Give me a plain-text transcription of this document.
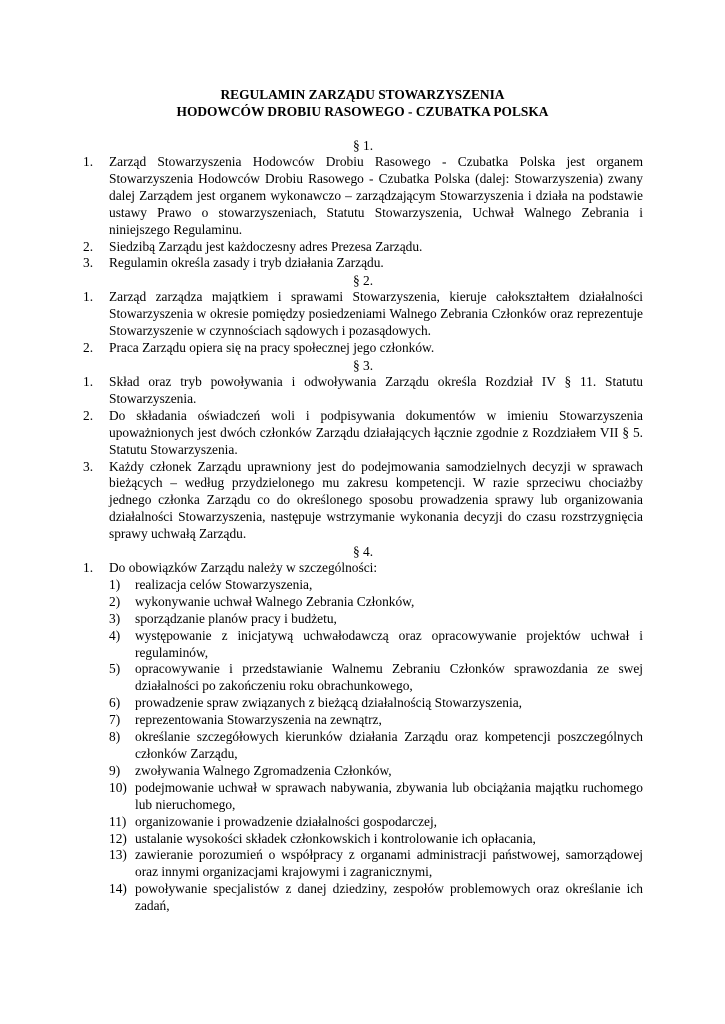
REGULAMIN ZARZĄDU STOWARZYSZENIA
HODOWCÓW DROBIU RASOWEGO - CZUBATKA POLSKA
§ 1.
1. Zarząd Stowarzyszenia Hodowców Drobiu Rasowego - Czubatka Polska jest organem Stowarzyszenia Hodowców Drobiu Rasowego - Czubatka Polska (dalej: Stowarzyszenia) zwany dalej Zarządem jest organem wykonawczo – zarządzającym Stowarzyszenia i działa na podstawie ustawy Prawo o stowarzyszeniach, Statutu Stowarzyszenia, Uchwał Walnego Zebrania i niniejszego Regulaminu.
2. Siedzibą Zarządu jest każdoczesny adres Prezesa Zarządu.
3. Regulamin określa zasady i tryb działania Zarządu.
§ 2.
1. Zarząd zarządza majątkiem i sprawami Stowarzyszenia, kieruje całokształtem działalności Stowarzyszenia w okresie pomiędzy posiedzeniami Walnego Zebrania Członków oraz reprezentuje Stowarzyszenie w czynnościach sądowych i pozasądowych.
2. Praca Zarządu opiera się na pracy społecznej jego członków.
§ 3.
1. Skład oraz tryb powoływania i odwoływania Zarządu określa Rozdział IV § 11. Statutu Stowarzyszenia.
2. Do składania oświadczeń woli i podpisywania dokumentów w imieniu Stowarzyszenia upoważnionych jest dwóch członków Zarządu działających łącznie zgodnie z Rozdziałem VII § 5. Statutu Stowarzyszenia.
3. Każdy członek Zarządu uprawniony jest do podejmowania samodzielnych decyzji w sprawach bieżących – według przydzielonego mu zakresu kompetencji. W razie sprzeciwu chociażby jednego członka Zarządu co do określonego sposobu prowadzenia sprawy lub organizowania działalności Stowarzyszenia, następuje wstrzymanie wykonania decyzji do czasu rozstrzygnięcia sprawy uchwałą Zarządu.
§ 4.
1. Do obowiązków Zarządu należy w szczególności:
1) realizacja celów Stowarzyszenia,
2) wykonywanie uchwał Walnego Zebrania Członków,
3) sporządzanie planów pracy i budżetu,
4) występowanie z inicjatywą uchwałodawczą oraz opracowywanie projektów uchwał i regulaminów,
5) opracowywanie i przedstawianie Walnemu Zebraniu Członków sprawozdania ze swej działalności po zakończeniu roku obrachunkowego,
6) prowadzenie spraw związanych z bieżącą działalnością Stowarzyszenia,
7) reprezentowania Stowarzyszenia na zewnątrz,
8) określanie szczegółowych kierunków działania Zarządu oraz kompetencji poszczególnych członków Zarządu,
9) zwoływania Walnego Zgromadzenia Członków,
10) podejmowanie uchwał w sprawach nabywania, zbywania lub obciążania majątku ruchomego lub nieruchomego,
11) organizowanie i prowadzenie działalności gospodarczej,
12) ustalanie wysokości składek członkowskich i kontrolowanie ich opłacania,
13) zawieranie porozumień o współpracy z organami administracji państwowej, samorządowej oraz innymi organizacjami krajowymi i zagranicznymi,
14) powoływanie specjalistów z danej dziedziny, zespołów problemowych oraz określanie ich zadań,
